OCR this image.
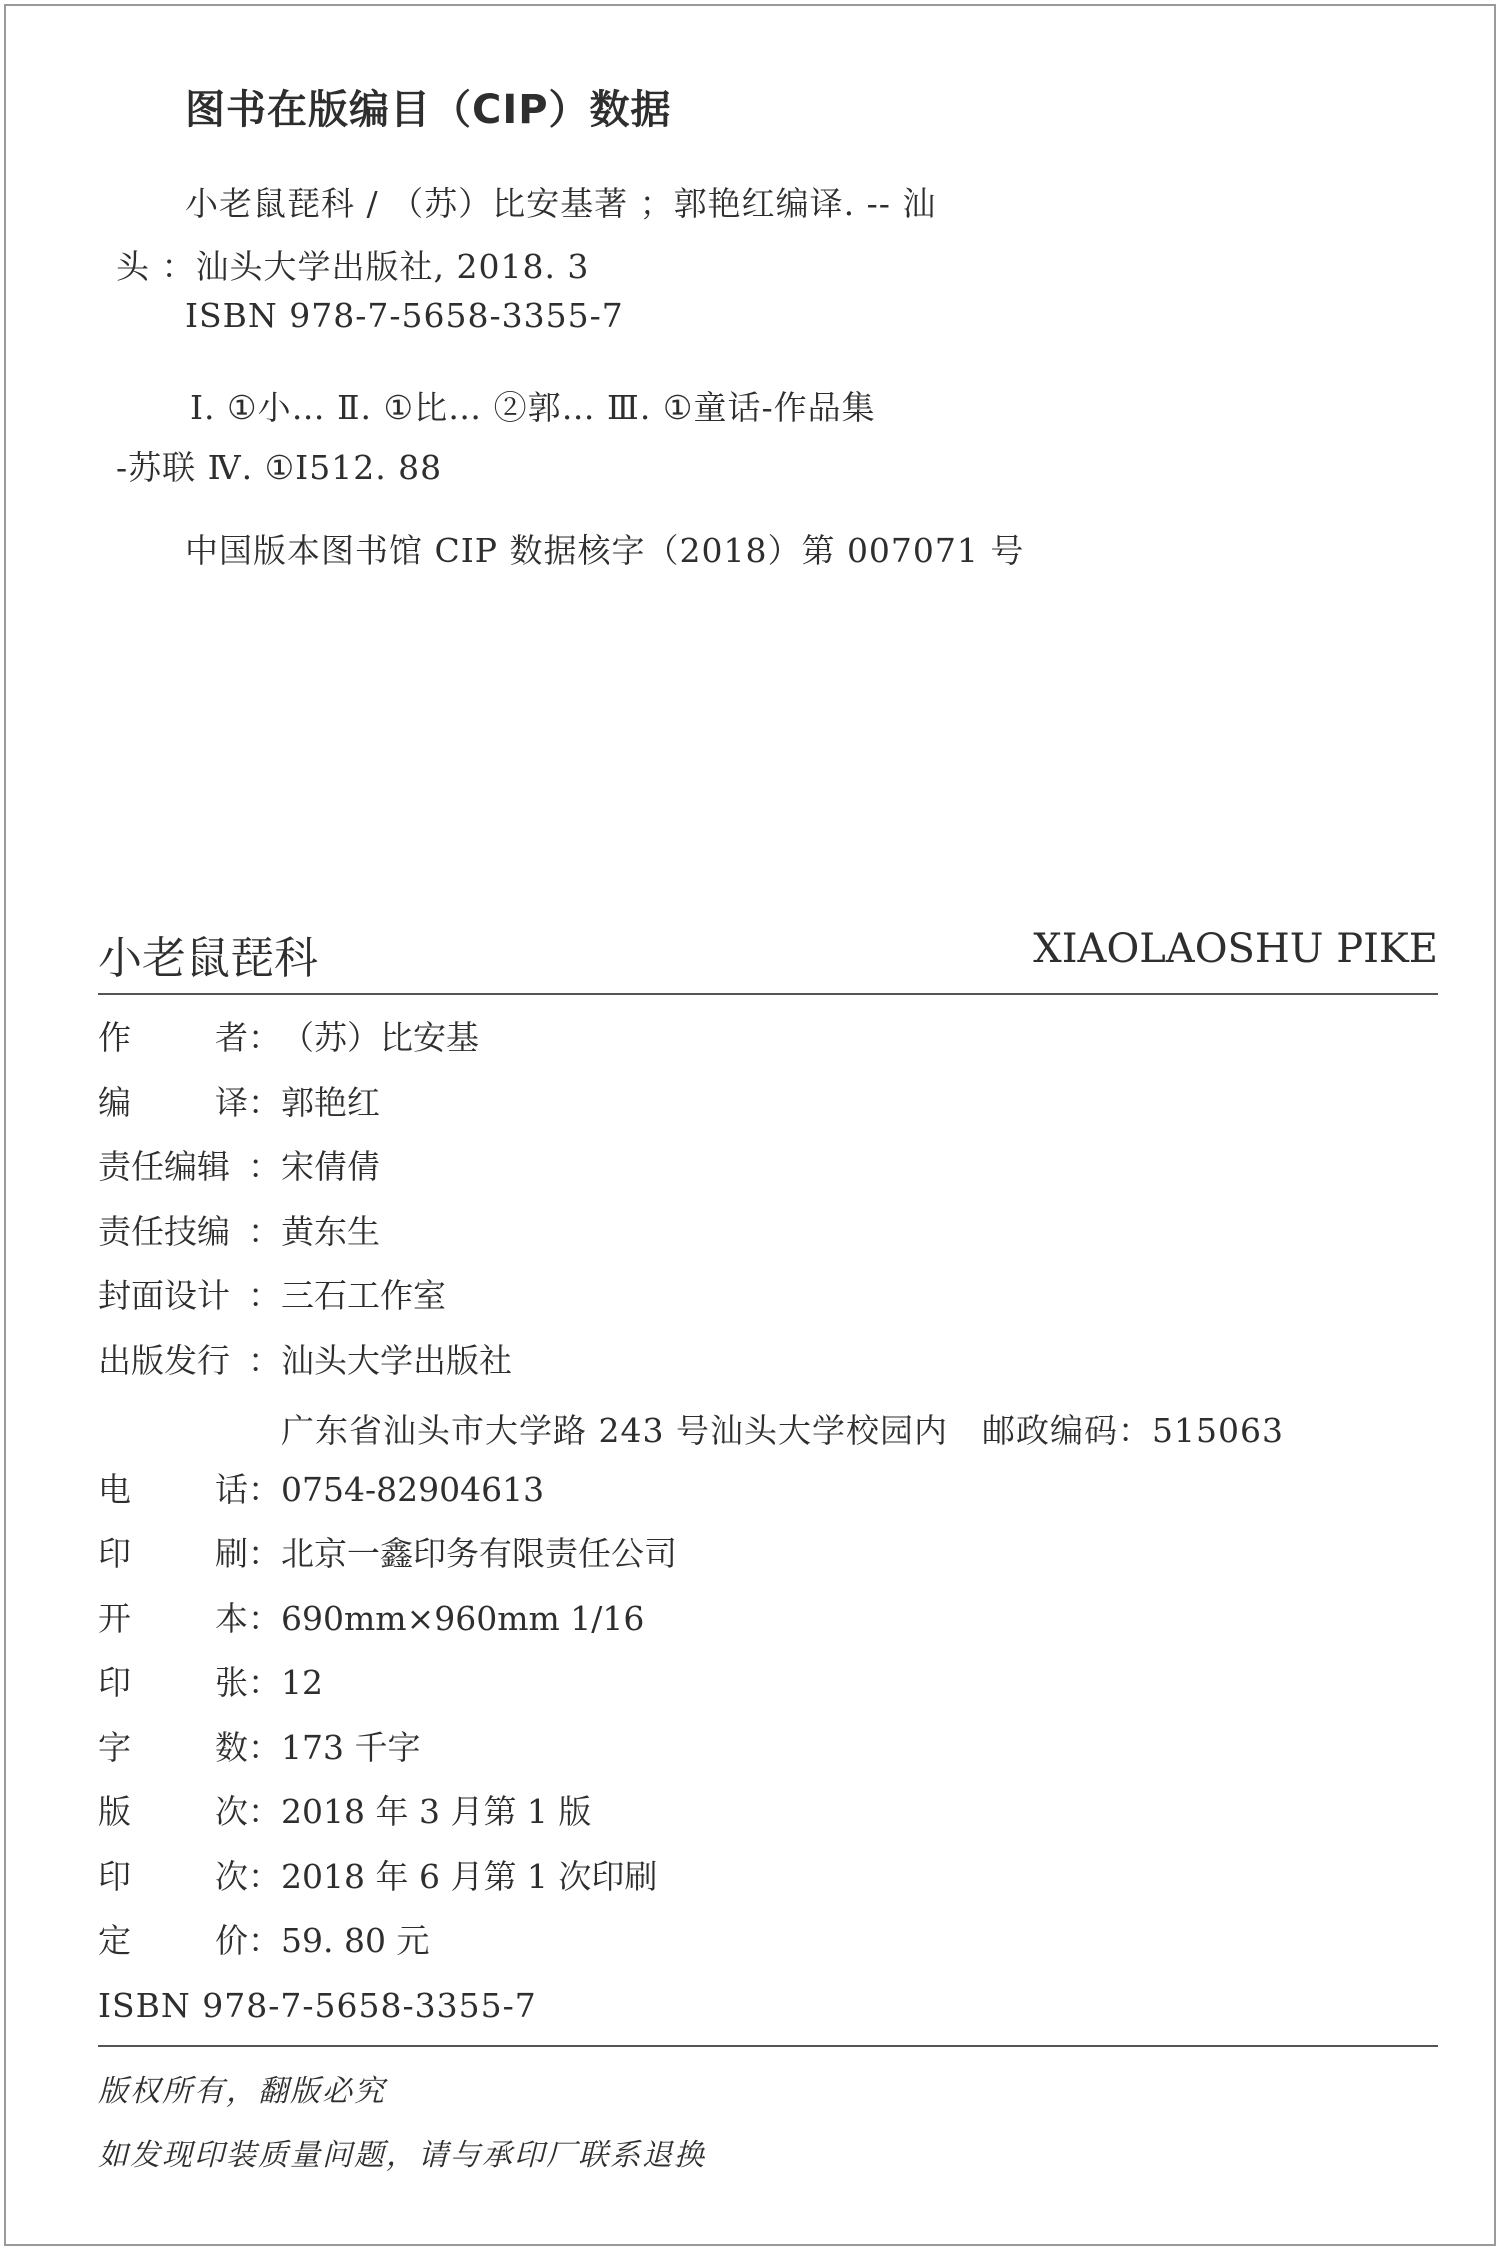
图书在版编目（CIP）数据
小老鼠琵科 / （苏）比安基著 ；郭艳红编译. -- 汕
头 ：汕头大学出版社, 2018. 3
ISBN 978-7-5658-3355-7
Ⅰ. ①小… Ⅱ. ①比… ②郭… Ⅲ. ①童话-作品集
-苏联 Ⅳ. ①I512. 88
中国版本图书馆 CIP 数据核字（2018）第 007071 号
小老鼠琵科	XIAOLAOSHU PIKE
作	者 ： （苏）比安基
编	译 ： 郭艳红
责任编辑 ： 宋倩倩
责任技编 ： 黄东生
封面设计 ： 三石工作室
出版发行 ： 汕头大学出版社
广东省汕头市大学路 243 号汕头大学校园内　邮政编码：515063
电	话 ： 0754-82904613
印	刷 ： 北京一鑫印务有限责任公司
开	本 ： 690mm×960mm 1/16
印	张 ： 12
字	数 ： 173 千字
版	次 ： 2018 年 3 月第 1 版
印	次 ： 2018 年 6 月第 1 次印刷
定	价 ： 59. 80 元
ISBN 978-7-5658-3355-7
版权所有，翻版必究
如发现印装质量问题，请与承印厂联系退换
